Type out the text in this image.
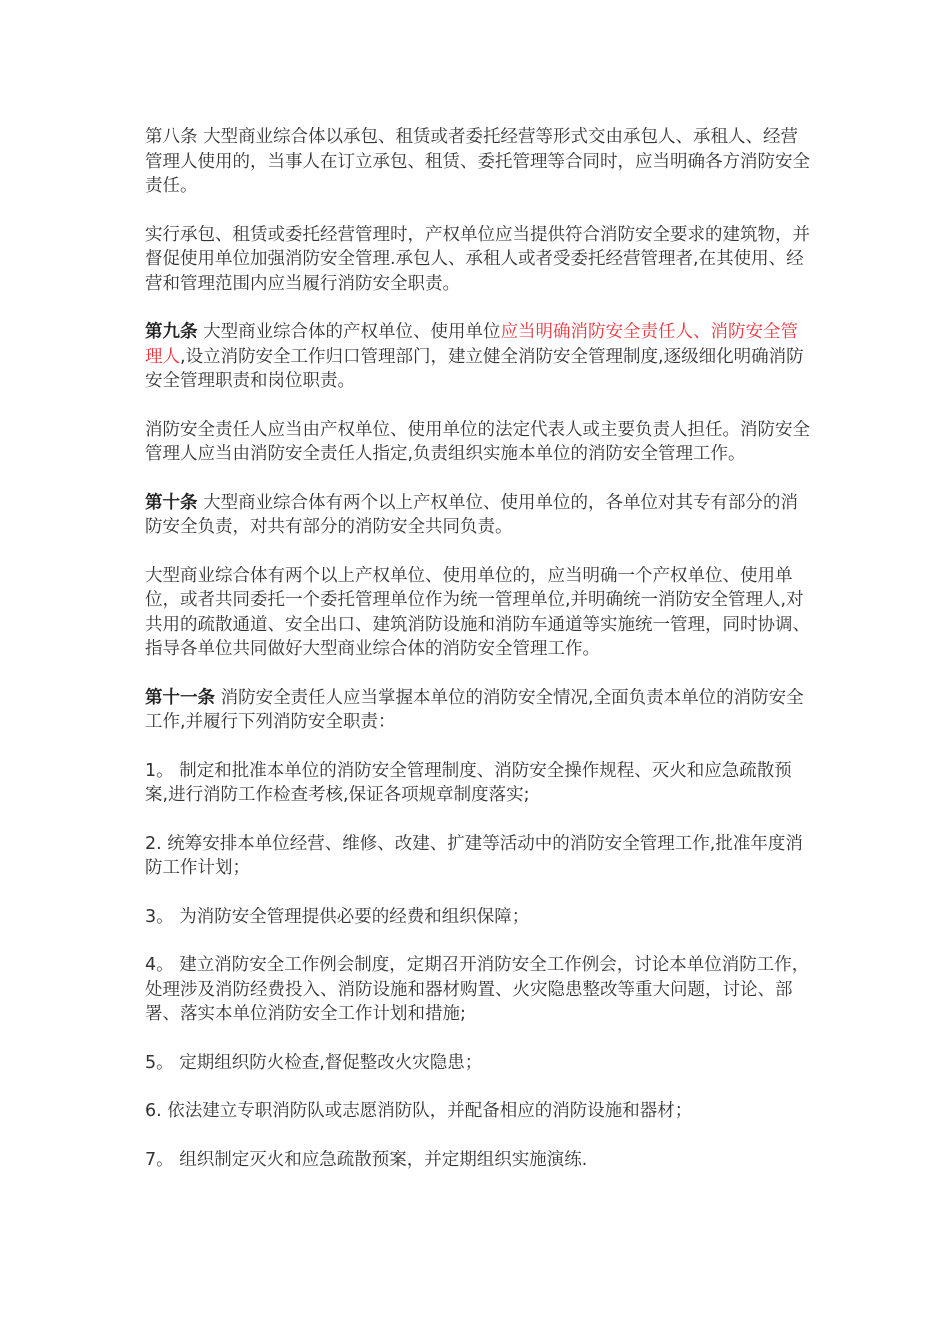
第八条 大型商业综合体以承包、租赁或者委托经营等形式交由承包人、承租人、经营管理人使用的，当事人在订立承包、租赁、委托管理等合同时，应当明确各方消防安全责任。

实行承包、租赁或委托经营管理时，产权单位应当提供符合消防安全要求的建筑物，并督促使用单位加强消防安全管理.承包人、承租人或者受委托经营管理者,在其使用、经营和管理范围内应当履行消防安全职责。

第九条 大型商业综合体的产权单位、使用单位应当明确消防安全责任人、消防安全管理人,设立消防安全工作归口管理部门，建立健全消防安全管理制度,逐级细化明确消防安全管理职责和岗位职责。

消防安全责任人应当由产权单位、使用单位的法定代表人或主要负责人担任。消防安全管理人应当由消防安全责任人指定,负责组织实施本单位的消防安全管理工作。

第十条 大型商业综合体有两个以上产权单位、使用单位的，各单位对其专有部分的消防安全负责，对共有部分的消防安全共同负责。

大型商业综合体有两个以上产权单位、使用单位的，应当明确一个产权单位、使用单位，或者共同委托一个委托管理单位作为统一管理单位,并明确统一消防安全管理人,对共用的疏散通道、安全出口、建筑消防设施和消防车通道等实施统一管理，同时协调、指导各单位共同做好大型商业综合体的消防安全管理工作。

第十一条 消防安全责任人应当掌握本单位的消防安全情况,全面负责本单位的消防安全工作,并履行下列消防安全职责：

1。 制定和批准本单位的消防安全管理制度、消防安全操作规程、灭火和应急疏散预案,进行消防工作检查考核,保证各项规章制度落实;

2. 统筹安排本单位经营、维修、改建、扩建等活动中的消防安全管理工作,批准年度消防工作计划；

3。 为消防安全管理提供必要的经费和组织保障；

4。 建立消防安全工作例会制度，定期召开消防安全工作例会，讨论本单位消防工作，处理涉及消防经费投入、消防设施和器材购置、火灾隐患整改等重大问题，讨论、部署、落实本单位消防安全工作计划和措施;

5。 定期组织防火检查,督促整改火灾隐患；

6. 依法建立专职消防队或志愿消防队，并配备相应的消防设施和器材；

7。 组织制定灭火和应急疏散预案，并定期组织实施演练.
